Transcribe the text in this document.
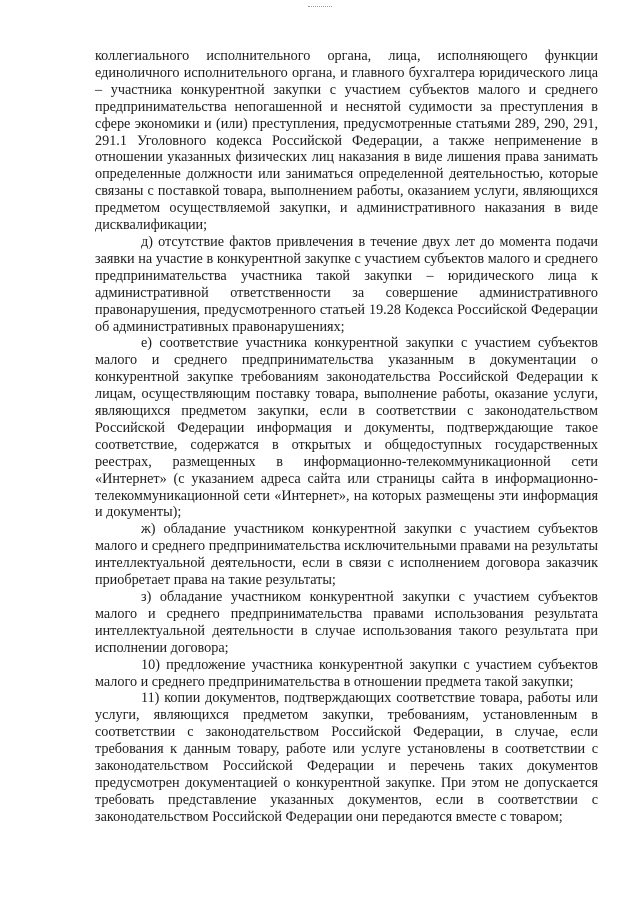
коллегиального исполнительного органа, лица, исполняющего функции единоличного исполнительного органа, и главного бухгалтера юридического лица – участника конкурентной закупки с участием субъектов малого и среднего предпринимательства непогашенной и неснятой судимости за преступления в сфере экономики и (или) преступления, предусмотренные статьями 289, 290, 291, 291.1 Уголовного кодекса Российской Федерации, а также неприменение в отношении указанных физических лиц наказания в виде лишения права занимать определенные должности или заниматься определенной деятельностью, которые связаны с поставкой товара, выполнением работы, оказанием услуги, являющихся предметом осуществляемой закупки, и административного наказания в виде дисквалификации;

д) отсутствие фактов привлечения в течение двух лет до момента подачи заявки на участие в конкурентной закупке с участием субъектов малого и среднего предпринимательства участника такой закупки – юридического лица к административной ответственности за совершение административного правонарушения, предусмотренного статьей 19.28 Кодекса Российской Федерации об административных правонарушениях;

е) соответствие участника конкурентной закупки с участием субъектов малого и среднего предпринимательства указанным в документации о конкурентной закупке требованиям законодательства Российской Федерации к лицам, осуществляющим поставку товара, выполнение работы, оказание услуги, являющихся предметом закупки, если в соответствии с законодательством Российской Федерации информация и документы, подтверждающие такое соответствие, содержатся в открытых и общедоступных государственных реестрах, размещенных в информационно-телекоммуникационной сети «Интернет» (с указанием адреса сайта или страницы сайта в информационно-телекоммуникационной сети «Интернет», на которых размещены эти информация и документы);

ж) обладание участником конкурентной закупки с участием субъектов малого и среднего предпринимательства исключительными правами на результаты интеллектуальной деятельности, если в связи с исполнением договора заказчик приобретает права на такие результаты;

з) обладание участником конкурентной закупки с участием субъектов малого и среднего предпринимательства правами использования результата интеллектуальной деятельности в случае использования такого результата при исполнении договора;

10) предложение участника конкурентной закупки с участием субъектов малого и среднего предпринимательства в отношении предмета такой закупки;

11) копии документов, подтверждающих соответствие товара, работы или услуги, являющихся предметом закупки, требованиям, установленным в соответствии с законодательством Российской Федерации, в случае, если требования к данным товару, работе или услуге установлены в соответствии с законодательством Российской Федерации и перечень таких документов предусмотрен документацией о конкурентной закупке. При этом не допускается требовать представление указанных документов, если в соответствии с законодательством Российской Федерации они передаются вместе с товаром;
